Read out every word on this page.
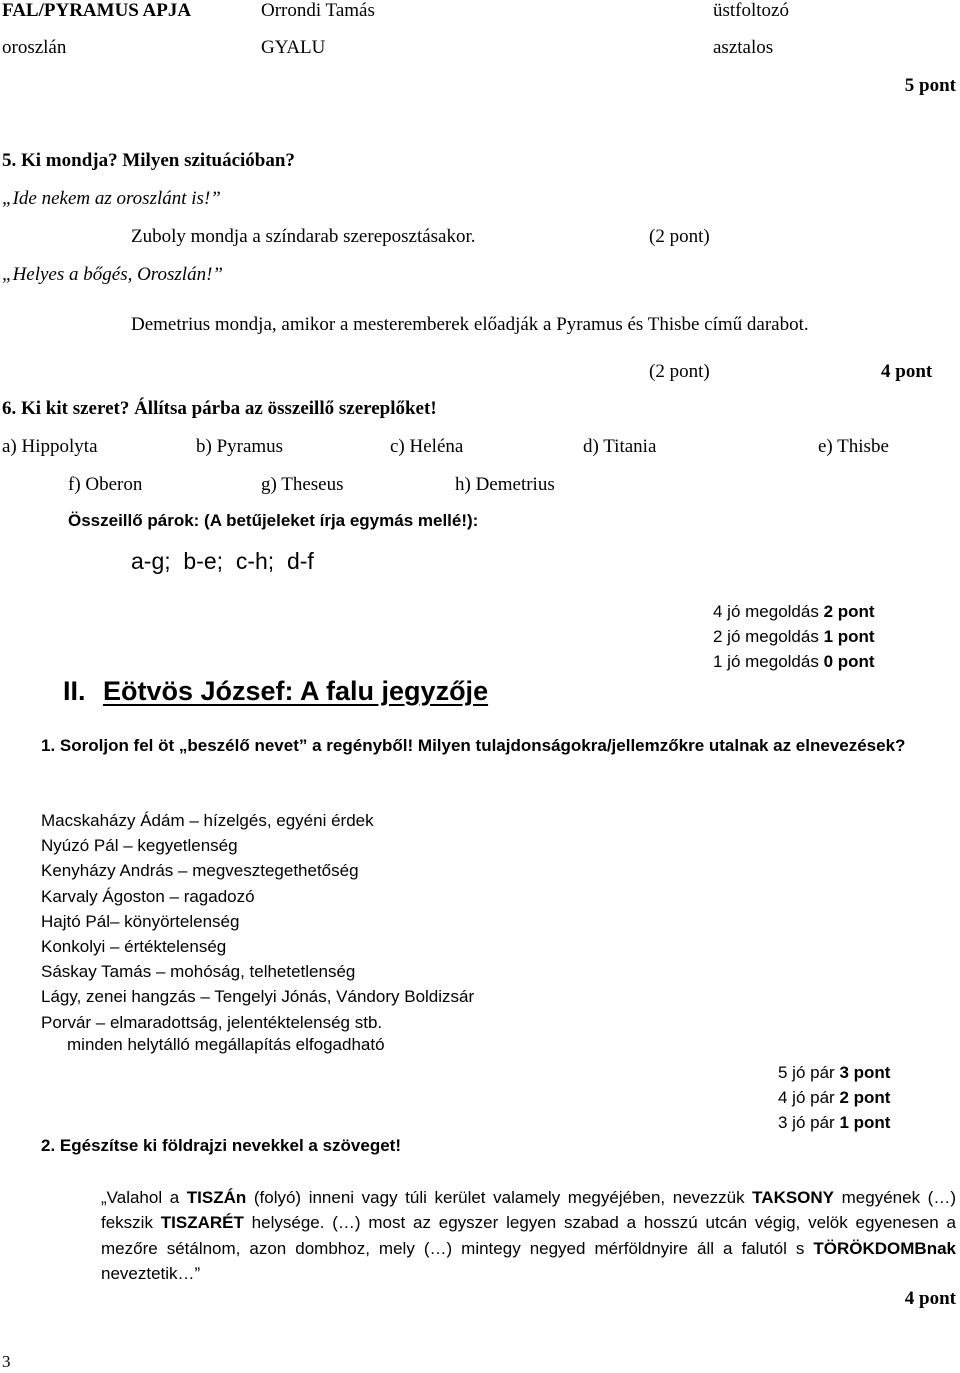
FAL/PYRAMUS APJA	Orrondi Tamás	üstfoltozó
oroszlán	GYALU	asztalos
5 pont
5. Ki mondja? Milyen szituációban?
„Ide nekem az oroszlánt is!”
Zuboly mondja a színdarab szereposztásakor.	(2 pont)
„Helyes a bőgés, Oroszlán!”
Demetrius mondja, amikor a mesteremberek előadják a Pyramus és Thisbe című darabot.
(2 pont)	4 pont
6. Ki kit szeret? Állítsa párba az összeillő szereplőket!
a) Hippolyta	b) Pyramus	c) Heléna	d) Titania	e) Thisbe
f) Oberon	g) Theseus	h) Demetrius
Összeillő párok: (A betűjeleket írja egymás mellé!):
a-g;  b-e;  c-h;  d-f
4 jó megoldás 2 pont
2 jó megoldás 1 pont
1 jó megoldás 0 pont
II. Eötvös József: A falu jegyzője
1. Soroljon fel öt „beszélő nevet” a regényből! Milyen tulajdonságokra/jellemzőkre utalnak az elnevezések?
Macskaházy Ádám – hízelgés, egyéni érdek
Nyúzó Pál – kegyetlenség
Kenyházy András – megvesztegethetőség
Karvaly Ágoston – ragadozó
Hajtó Pál– könyörtelenség
Konkolyi – értéktelenség
Sáskay Tamás – mohóság, telhetetlenség
Lágy, zenei hangzás – Tengelyi Jónás, Vándory Boldizsár
Porvár – elmaradottság, jelentéktelenség stb.
minden helytálló megállapítás elfogadható
5 jó pár 3 pont
4 jó pár 2 pont
3 jó pár 1 pont
2. Egészítse ki földrajzi nevekkel a szöveget!
„Valahol a TISZÁn (folyó) inneni vagy túli kerület valamely megyéjében, nevezzük TAKSONY megyének (…) fekszik TISZARÉT helysége. (…) most az egyszer legyen szabad a hosszú utcán végig, velök egyenesen a mezőre sétálnom, azon dombhoz, mely (…) mintegy negyed mérföldnyire áll a falutól s TÖRÖKDOMBnak neveztetik…”
4 pont
3
